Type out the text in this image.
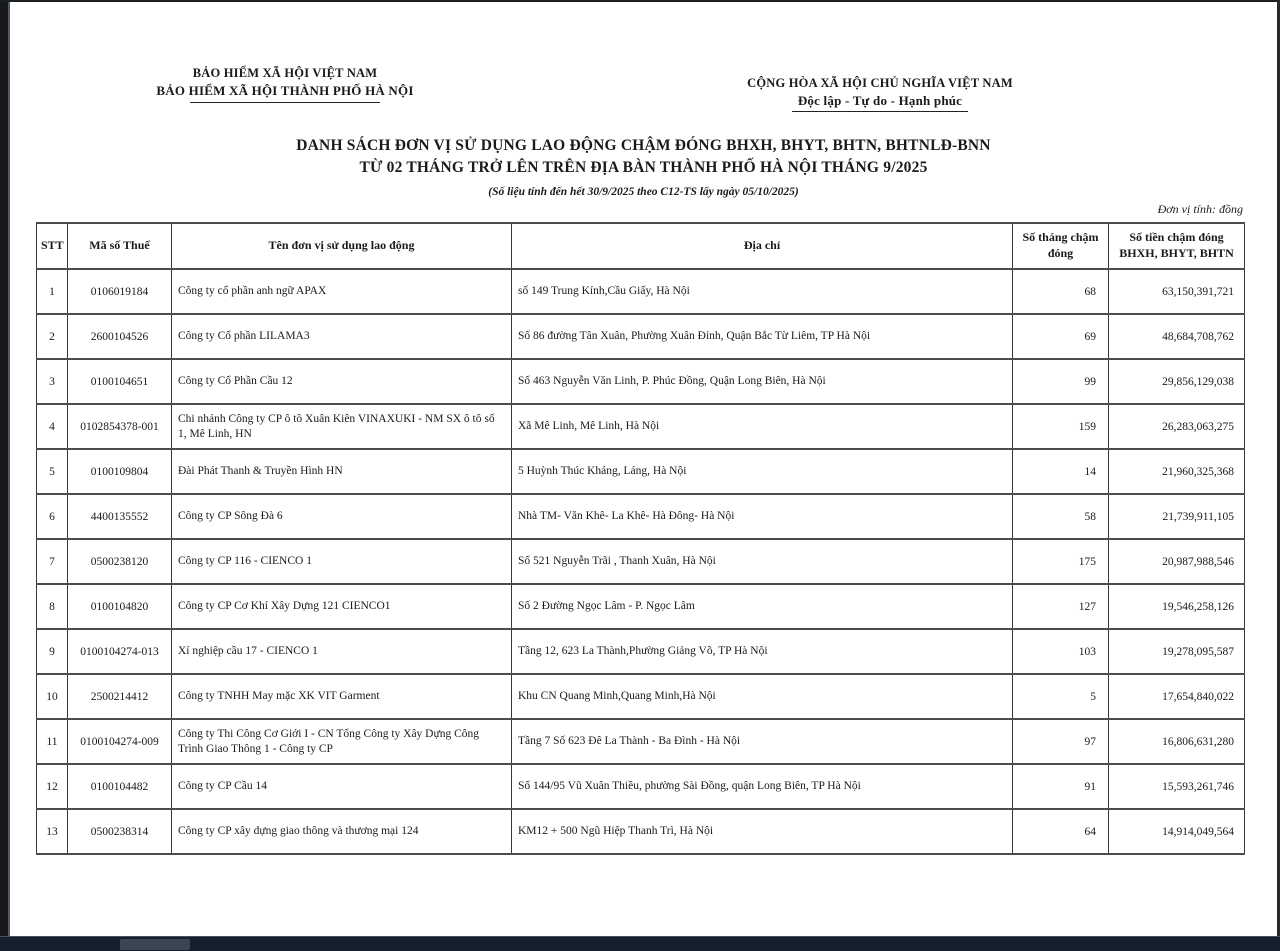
BẢO HIỂM XÃ HỘI VIỆT NAM
BẢO HIỂM XÃ HỘI THÀNH PHỐ HÀ NỘI	CỘNG HÒA XÃ HỘI CHỦ NGHĨA VIỆT NAM
Độc lập - Tự do - Hạnh phúc
DANH SÁCH ĐƠN VỊ SỬ DỤNG LAO ĐỘNG CHẬM ĐÓNG BHXH, BHYT, BHTN, BHTNLĐ-BNN
TỪ 02 THÁNG TRỞ LÊN TRÊN ĐỊA BÀN THÀNH PHỐ HÀ NỘI THÁNG 9/2025
(Số liệu tính đến hết 30/9/2025 theo C12-TS lấy ngày 05/10/2025)
Đơn vị tính: đồng
STT	Mã số Thuế	Tên đơn vị sử dụng lao động	Địa chỉ	Số tháng chậm đóng	Số tiền chậm đóng BHXH, BHYT, BHTN
1	0106019184	Công ty cổ phần anh ngữ APAX	số 149 Trung Kính,Cầu Giấy, Hà Nội	68	63,150,391,721
2	2600104526	Công ty Cổ phần LILAMA3	Số 86 đường Tân Xuân, Phường Xuân Đỉnh, Quận Bắc Từ Liêm, TP Hà Nội	69	48,684,708,762
3	0100104651	Công ty Cổ Phần Cầu 12	Số 463 Nguyễn Văn Linh, P. Phúc Đồng, Quận Long Biên, Hà Nội	99	29,856,129,038
4	0102854378-001	Chi nhánh Công ty CP ô tô Xuân Kiên VINAXUKI - NM SX ô tô số 1, Mê Linh, HN	Xã Mê Linh, Mê Linh, Hà Nội	159	26,283,063,275
5	0100109804	Đài Phát Thanh & Truyền Hình HN	5 Huỳnh Thúc Kháng, Láng, Hà Nội	14	21,960,325,368
6	4400135552	Công ty CP Sông Đà 6	Nhà TM- Văn Khê- La Khê- Hà Đông- Hà Nội	58	21,739,911,105
7	0500238120	Công ty CP 116 - CIENCO 1	Số 521 Nguyễn Trãi , Thanh Xuân, Hà Nội	175	20,987,988,546
8	0100104820	Công ty CP Cơ Khí Xây Dựng 121 CIENCO1	Số 2 Đường Ngọc Lâm - P. Ngọc Lâm	127	19,546,258,126
9	0100104274-013	Xí nghiệp cầu 17 - CIENCO 1	Tầng 12, 623 La Thành,Phường Giảng Võ, TP Hà Nội	103	19,278,095,587
10	2500214412	Công ty TNHH May mặc XK VIT Garment	Khu CN Quang Minh,Quang Minh,Hà Nội	5	17,654,840,022
11	0100104274-009	Công ty Thi Công Cơ Giới I - CN Tổng Công ty Xây Dựng Công Trình Giao Thông 1 - Công ty CP	Tầng 7 Số 623 Đê La Thành - Ba Đình - Hà Nội	97	16,806,631,280
12	0100104482	Công ty CP Cầu 14	Số 144/95 Vũ Xuân Thiều, phường Sài Đồng, quận Long Biên, TP Hà Nội	91	15,593,261,746
13	0500238314	Công ty CP xây dựng giao thông và thương mại 124	KM12 + 500 Ngũ Hiệp Thanh Trì, Hà Nội	64	14,914,049,564
